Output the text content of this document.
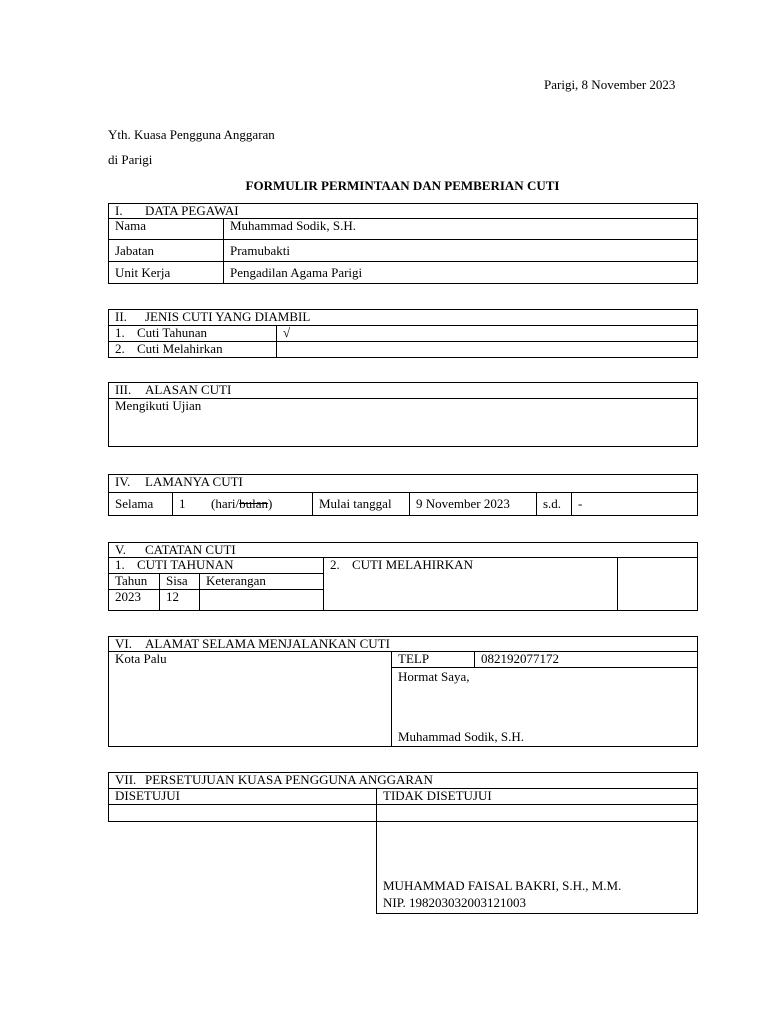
Parigi, 8 November 2023
Yth. Kuasa Pengguna Anggaran
di Parigi
FORMULIR PERMINTAAN DAN PEMBERIAN CUTI
I. DATA PEGAWAI	
Nama	Muhammad Sodik, S.H.
Jabatan	Pramubakti
Unit Kerja	Pengadilan Agama Parigi
II. JENIS CUTI YANG DIAMBIL	
1. Cuti Tahunan	√
2. Cuti Melahirkan	
III. ALASAN CUTI
Mengikuti Ujian
IV. LAMANYA CUTI
Selama	1 (hari/bulan)	Mulai tanggal	9 November 2023	s.d.	-
V. CATATAN CUTI				
1. CUTI TAHUNAN			2. CUTI MELAHIRKAN	
Tahun	Sisa	Keterangan		
2023	12			
VI. ALAMAT SELAMA MENJALANKAN CUTI
Kota Palu	TELP	082192077172

Hormat Saya,
Muhammad Sodik, S.H.
VII. PERSETUJUAN KUASA PENGGUNA ANGGARAN	
DISETUJUI	TIDAK DISETUJUI

	MUHAMMAD FAISAL BAKRI, S.H., M.M.
NIP. 198203032003121003
